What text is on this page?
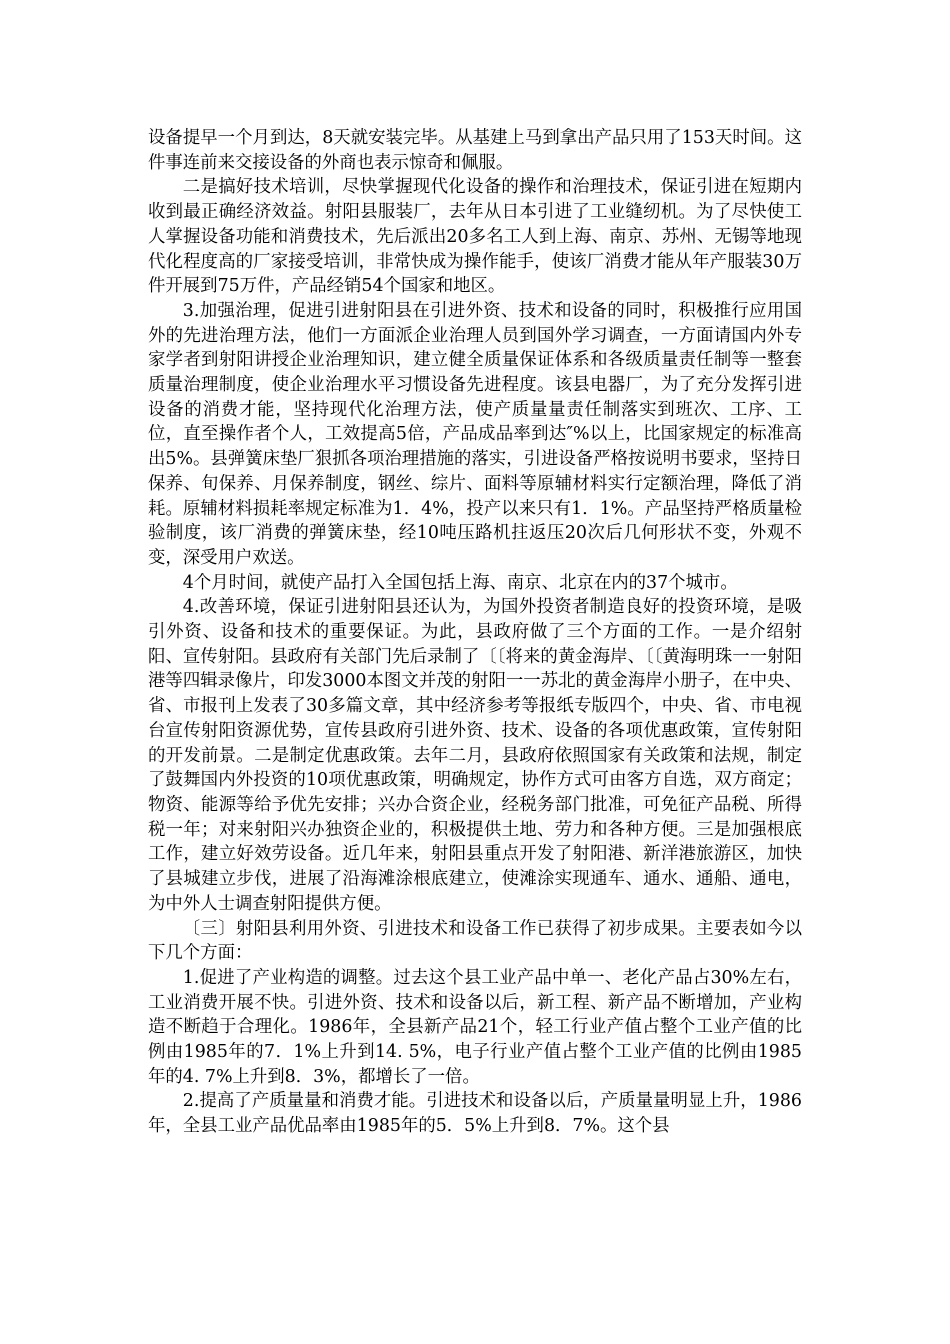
设备提早一个月到达，8天就安装完毕。从基建上马到拿出产品只用了153天时间。这件事连前来交接设备的外商也表示惊奇和佩服。

二是搞好技术培训，尽快掌握现代化设备的操作和治理技术，保证引进在短期内收到最正确经济效益。射阳县服装厂，去年从日本引进了工业缝纫机。为了尽快使工人掌握设备功能和消费技术，先后派出20多名工人到上海、南京、苏州、无锡等地现代化程度高的厂家接受培训，非常快成为操作能手，使该厂消费才能从年产服装30万件开展到75万件，产品经销54个国家和地区。

3.加强治理，促进引进射阳县在引进外资、技术和设备的同时，积极推行应用国外的先进治理方法，他们一方面派企业治理人员到国外学习调查，一方面请国内外专家学者到射阳讲授企业治理知识，建立健全质量保证体系和各级质量责任制等一整套质量治理制度，使企业治理水平习惯设备先进程度。该县电器厂，为了充分发挥引进设备的消费才能，坚持现代化治理方法，使产质量量责任制落实到班次、工序、工位，直至操作者个人，工效提高5倍，产品成品率到达″%以上，比国家规定的标准高出5%。县弹簧床垫厂狠抓各项治理措施的落实，引进设备严格按说明书要求，坚持日保养、旬保养、月保养制度，钢丝、综片、面料等原辅材料实行定额治理，降低了消耗。原辅材料损耗率规定标准为1．4%，投产以来只有1．1%。产品坚持严格质量检验制度，该厂消费的弹簧床垫，经10吨压路机拄返压20次后几何形状不变，外观不变，深受用户欢送。

4个月时间，就使产品打入全国包括上海、南京、北京在内的37个城市。

4.改善环境，保证引进射阳县还认为，为国外投资者制造良好的投资环境，是吸引外资、设备和技术的重要保证。为此，县政府做了三个方面的工作。一是介绍射阳、宣传射阳。县政府有关部门先后录制了〔〔将来的黄金海岸、〔〔黄海明珠一一射阳港等四辑录像片，印发3000本图文并茂的射阳一一苏北的黄金海岸小册子，在中央、省、市报刊上发表了30多篇文章，其中经济参考等报纸专版四个，中央、省、市电视台宣传射阳资源优势，宣传县政府引进外资、技术、设备的各项优惠政策，宣传射阳的开发前景。二是制定优惠政策。去年二月，县政府依照国家有关政策和法规，制定了鼓舞国内外投资的10项优惠政策，明确规定，协作方式可由客方自选，双方商定；物资、能源等给予优先安排；兴办合资企业，经税务部门批准，可免征产品税、所得税一年；对来射阳兴办独资企业的，积极提供土地、劳力和各种方便。三是加强根底工作，建立好效劳设备。近几年来，射阳县重点开发了射阳港、新洋港旅游区，加快了县城建立步伐，进展了沿海滩涂根底建立，使滩涂实现通车、通水、通船、通电，为中外人士调查射阳提供方便。

〔三〕射阳县利用外资、引进技术和设备工作已获得了初步成果。主要表如今以下几个方面：

1.促进了产业构造的调整。过去这个县工业产品中单一、老化产品占30%左右，工业消费开展不快。引进外资、技术和设备以后，新工程、新产品不断增加，产业构造不断趋于合理化。1986年，全县新产品21个，轻工行业产值占整个工业产值的比例由1985年的7．1%上升到14. 5%，电子行业产值占整个工业产值的比例由1985年的4. 7%上升到8．3%，都增长了一倍。

2.提高了产质量量和消费才能。引进技术和设备以后，产质量量明显上升，1986年，全县工业产品优品率由1985年的5．5%上升到8．7%。这个县
